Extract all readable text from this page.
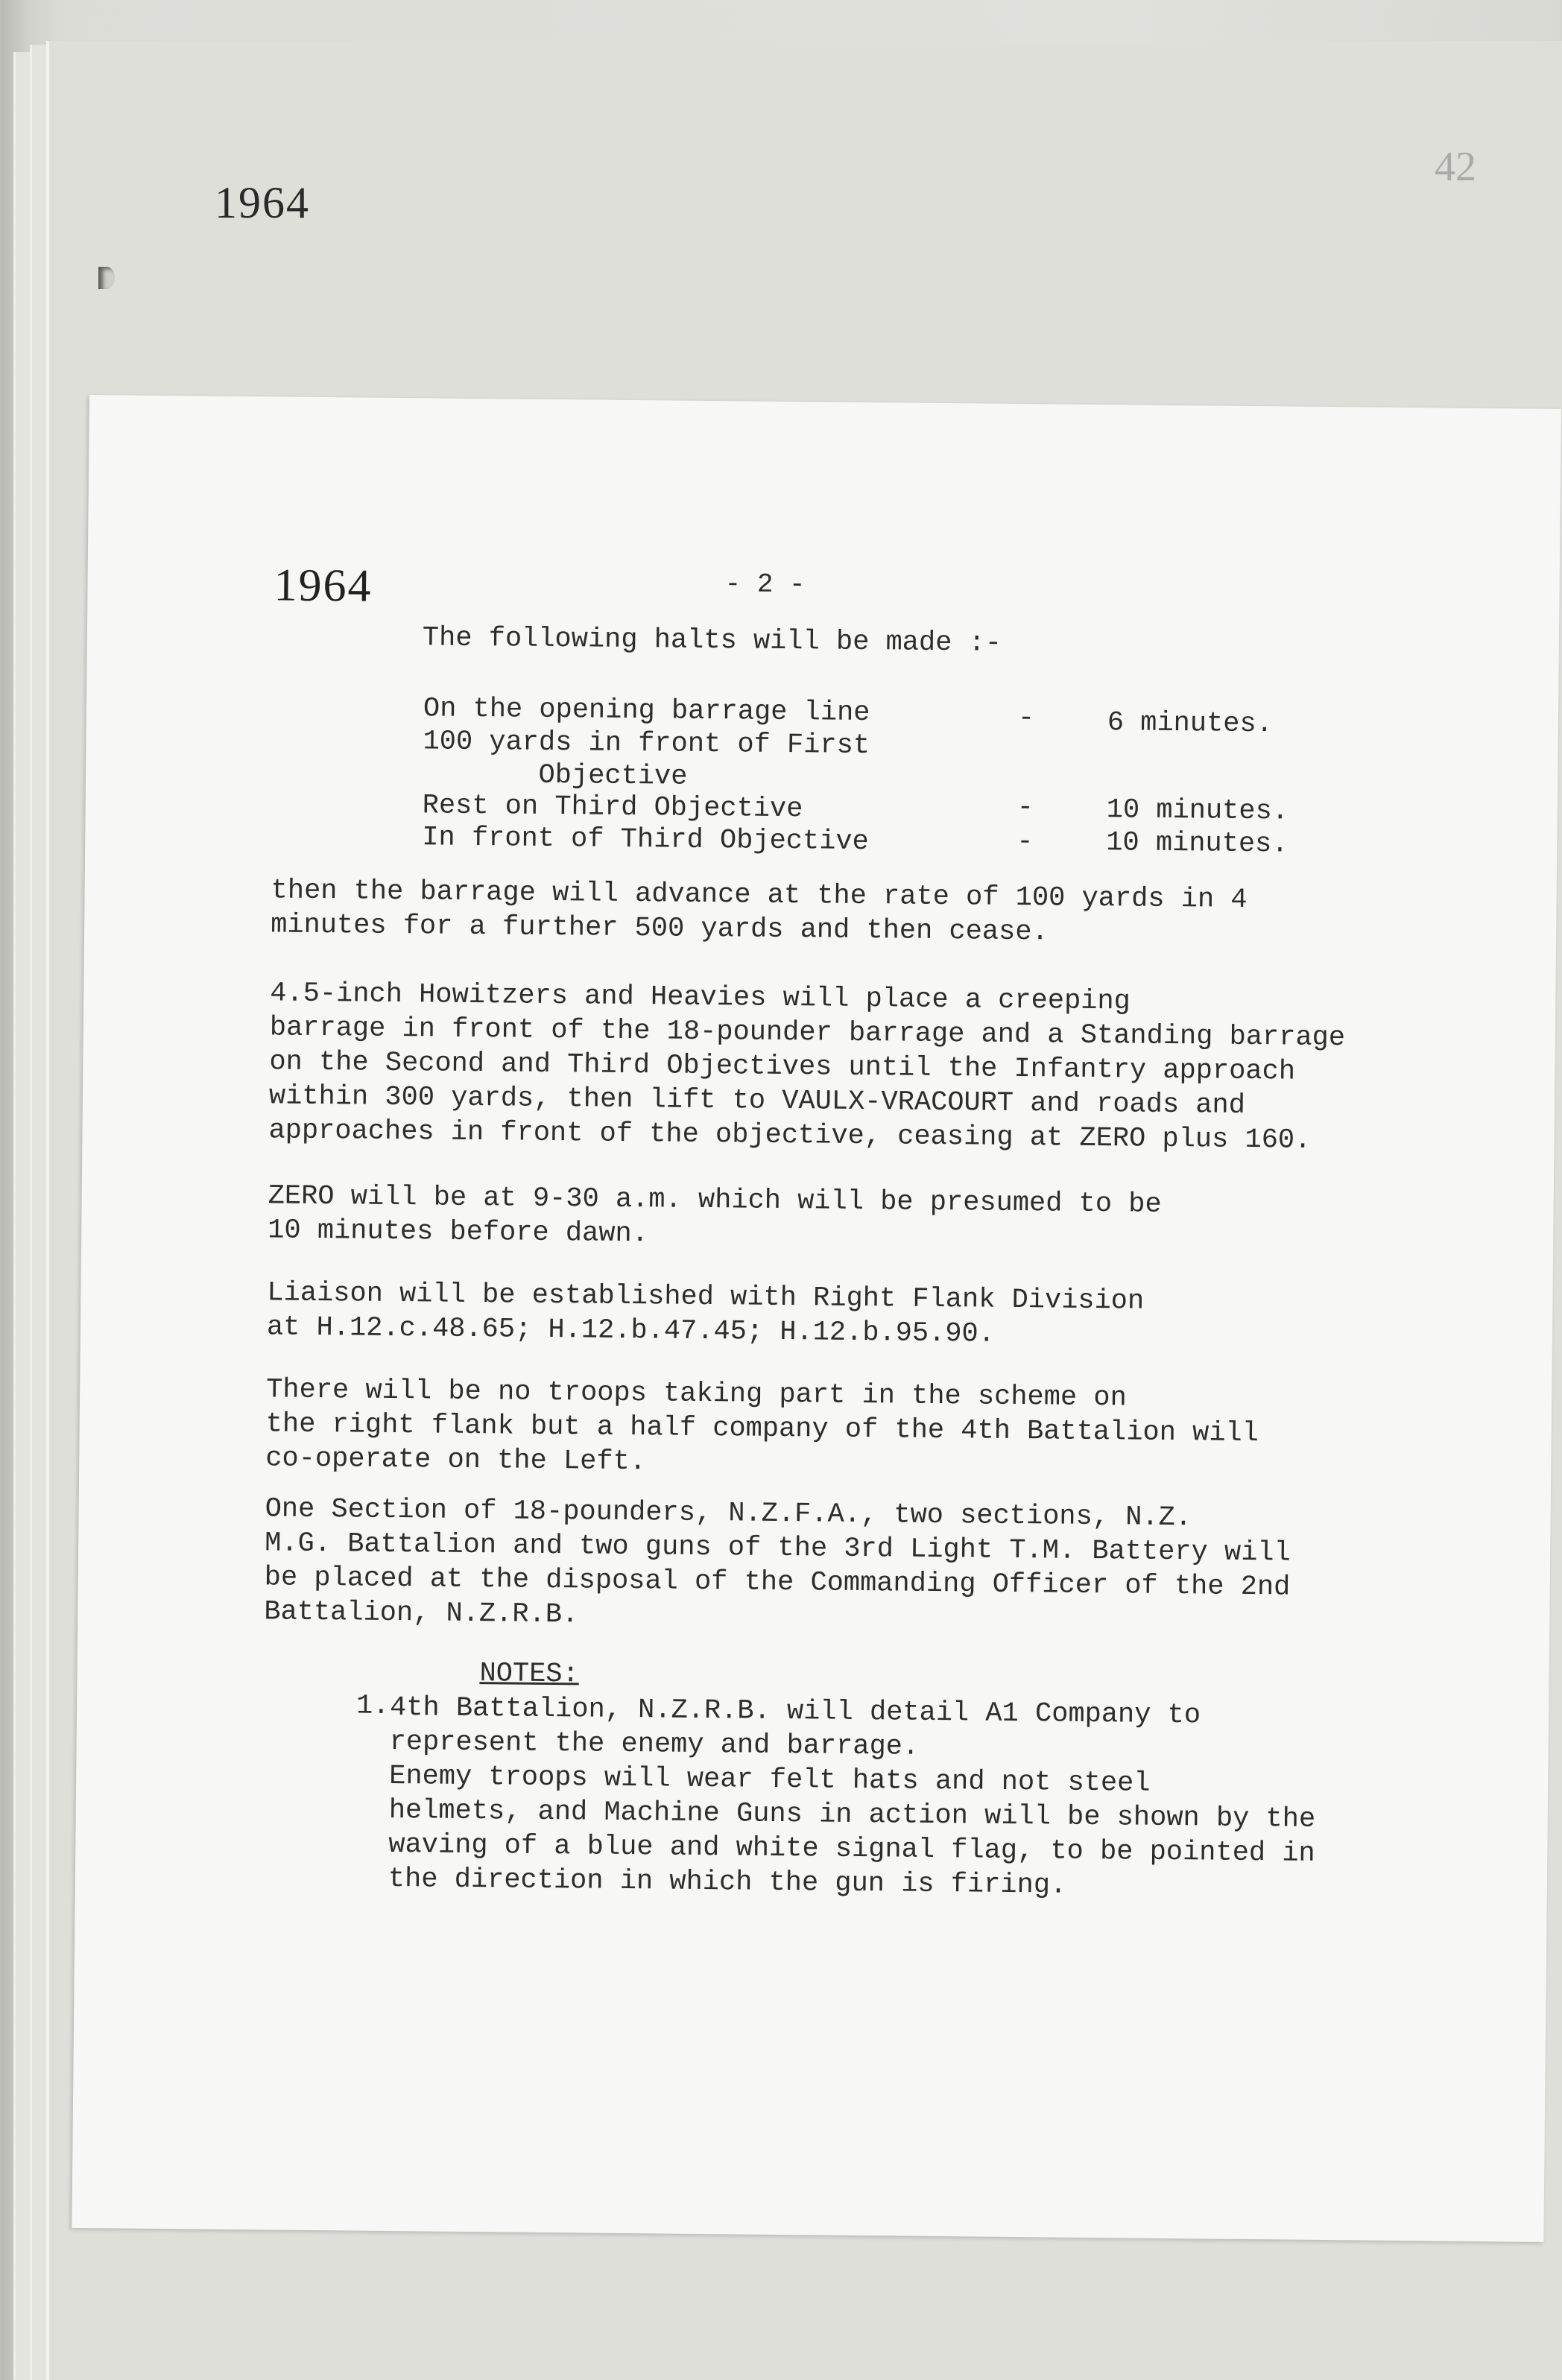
1964
42
1964	- 2 -
The following halts will be made :-
On the opening barrage line	-	6 minutes.
100 yards in front of First
Objective
Rest on Third Objective	-	10 minutes.
In front of Third Objective	-	10 minutes.
then the barrage will advance at the rate of 100 yards in 4
minutes for a further 500 yards and then cease.
4.5-inch Howitzers and Heavies will place a creeping
barrage in front of the 18-pounder barrage and a Standing barrage
on the Second and Third Objectives until the Infantry approach
within 300 yards, then lift to VAULX-VRACOURT and roads and
approaches in front of the objective, ceasing at ZERO plus 160.
ZERO will be at 9-30 a.m. which will be presumed to be
10 minutes before dawn.
Liaison will be established with Right Flank Division
at H.12.c.48.65; H.12.b.47.45; H.12.b.95.90.
There will be no troops taking part in the scheme on
the right flank but a half company of the 4th Battalion will
co-operate on the Left.
One Section of 18-pounders, N.Z.F.A., two sections, N.Z.
M.G. Battalion and two guns of the 3rd Light T.M. Battery will
be placed at the disposal of the Commanding Officer of the 2nd
Battalion, N.Z.R.B.
NOTES:
1. 4th Battalion, N.Z.R.B. will detail A1 Company to
represent the enemy and barrage.
Enemy troops will wear felt hats and not steel
helmets, and Machine Guns in action will be shown by the
waving of a blue and white signal flag, to be pointed in
the direction in which the gun is firing.
